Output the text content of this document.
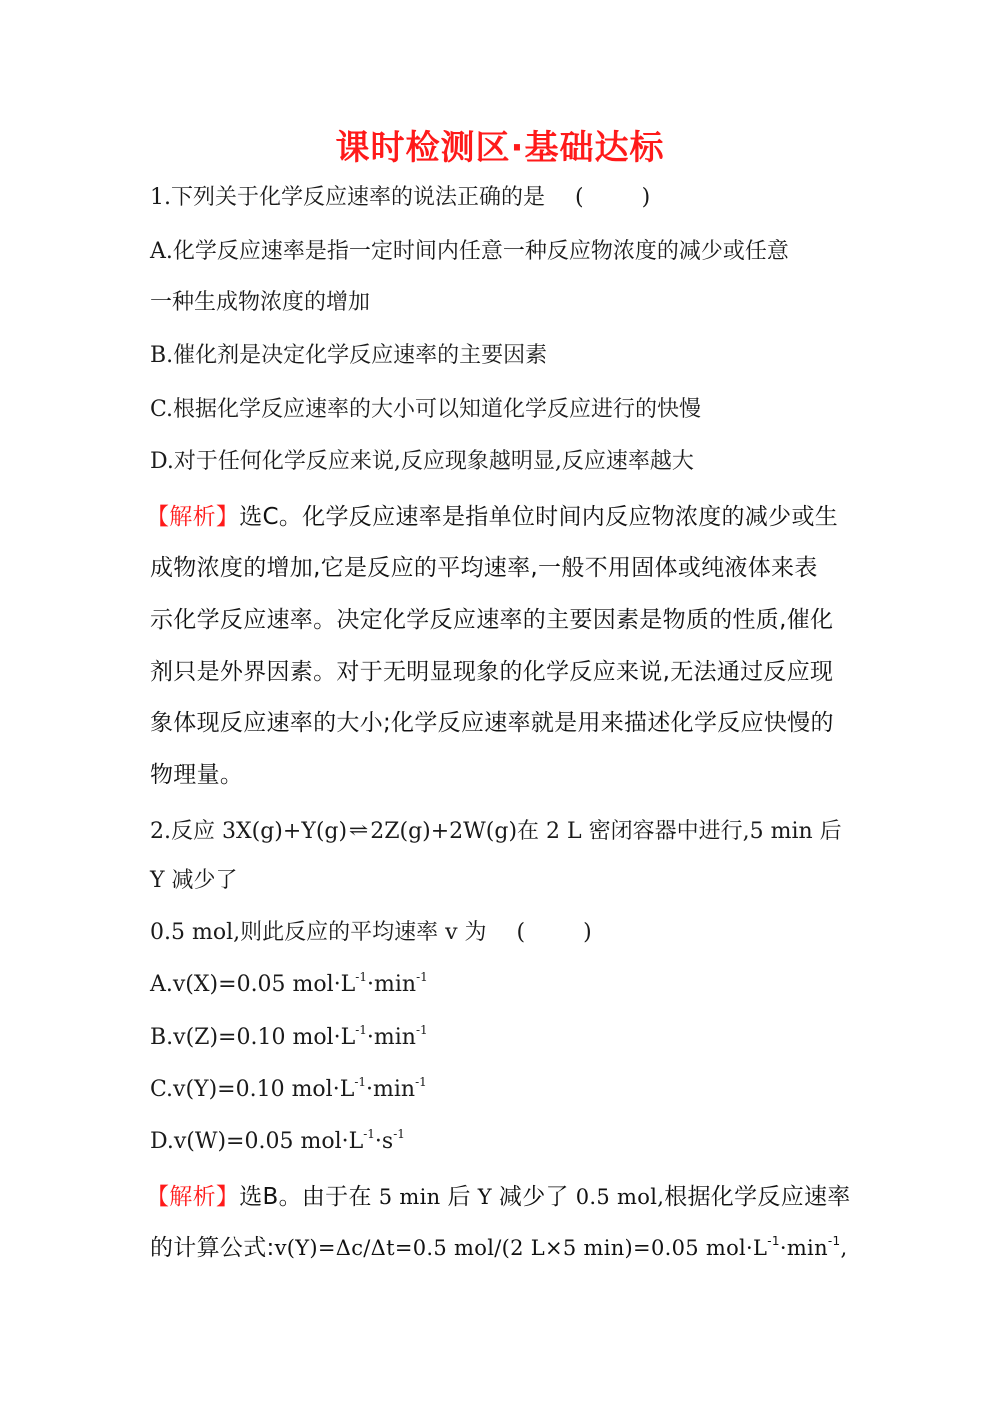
课时检测区·基础达标
1.下列关于化学反应速率的说法正确的是 (	)
A.化学反应速率是指一定时间内任意一种反应物浓度的减少或任意
一种生成物浓度的增加
B.催化剂是决定化学反应速率的主要因素
C.根据化学反应速率的大小可以知道化学反应进行的快慢
D.对于任何化学反应来说,反应现象越明显,反应速率越大
【解析】选C。化学反应速率是指单位时间内反应物浓度的减少或生
成物浓度的增加,它是反应的平均速率,一般不用固体或纯液体来表
示化学反应速率。决定化学反应速率的主要因素是物质的性质,催化
剂只是外界因素。对于无明显现象的化学反应来说,无法通过反应现
象体现反应速率的大小;化学反应速率就是用来描述化学反应快慢的
物理量。
2.反应 3X(g)+Y(g)⇌2Z(g)+2W(g)在 2 L 密闭容器中进行,5 min 后
Y 减少了
0.5 mol,则此反应的平均速率 v 为 (	)
A.v(X)=0.05 $mol\cdot L^{-1}\cdot\min^{-1}$
B.v(Z)=0.10 $mol\cdot L^{-1}\cdot\min^{-1}$
C.v(Y)=0.10 $mol\cdot L^{-1}\cdot\min^{-1}$
D.v(W)=0.05 $mol\cdot L^{-1}\cdot s^{-1}$
【解析】选B。由于在 5 min 后 Y 减少了 0.5 mol,根据化学反应速率
的计算公式:v(Y)=Δc/Δt=0.5 mol/(2 L×5 min)=0.05 $mol\cdot L^{-1}\cdot\min^{-1}$,
